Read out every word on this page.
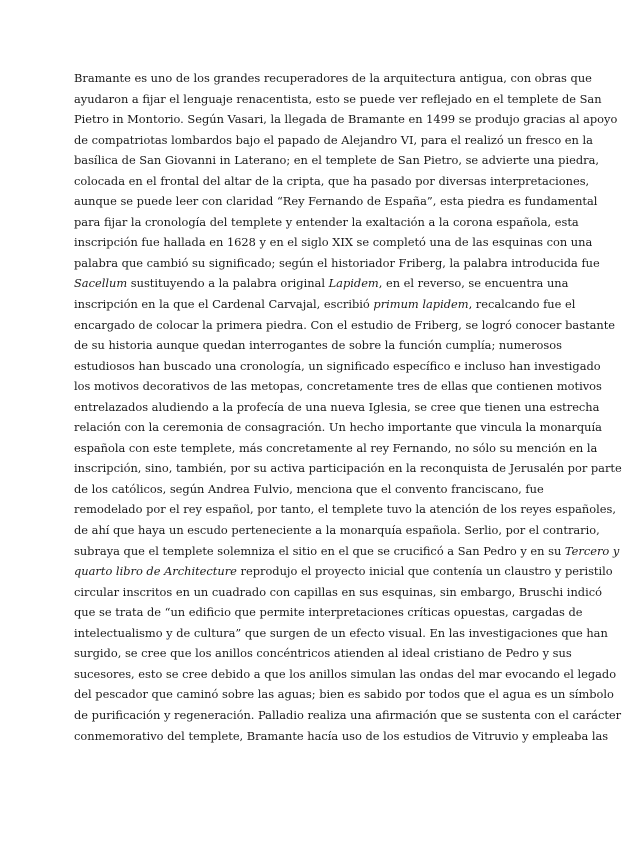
Bramante es uno de los grandes recuperadores de la arquitectura antigua, con obras que
ayudaron a fijar el lenguaje renacentista, esto se puede ver reflejado en el templete de San
Pietro in Montorio. Según Vasari, la llegada de Bramante en 1499 se produjo gracias al apoyo
de compatriotas lombardos bajo el papado de Alejandro VI, para el realizó un fresco en la
basílica de San Giovanni in Laterano; en el templete de San Pietro, se advierte una piedra,
colocada en el frontal del altar de la cripta, que ha pasado por diversas interpretaciones,
aunque se puede leer con claridad “Rey Fernando de España”, esta piedra es fundamental
para fijar la cronología del templete y entender la exaltación a la corona española, esta
inscripción fue hallada en 1628 y en el siglo XIX se completó una de las esquinas con una
palabra que cambió su significado; según el historiador Friberg, la palabra introducida fue
Sacellum sustituyendo a la palabra original Lapidem, en el reverso, se encuentra una
inscripción en la que el Cardenal Carvajal, escribió primum lapidem, recalcando fue el
encargado de colocar la primera piedra. Con el estudio de Friberg, se logró conocer bastante
de su historia aunque quedan interrogantes de sobre la función cumplía; numerosos
estudiosos han buscado una cronología, un significado específico e incluso han investigado
los motivos decorativos de las metopas, concretamente tres de ellas que contienen motivos
entrelazados aludiendo a la profecía de una nueva Iglesia, se cree que tienen una estrecha
relación con la ceremonia de consagración. Un hecho importante que vincula la monarquía
española con este templete, más concretamente al rey Fernando, no sólo su mención en la
inscripción, sino, también, por su activa participación en la reconquista de Jerusalén por parte
de los católicos, según Andrea Fulvio, menciona que el convento franciscano, fue
remodelado por el rey español, por tanto, el templete tuvo la atención de los reyes españoles,
de ahí que haya un escudo perteneciente a la monarquía española. Serlio, por el contrario,
subraya que el templete solemniza el sitio en el que se crucificó a San Pedro y en su Tercero y
quarto libro de Architecture reprodujo el proyecto inicial que contenía un claustro y peristilo
circular inscritos en un cuadrado con capillas en sus esquinas, sin embargo, Bruschi indicó
que se trata de “un edificio que permite interpretaciones críticas opuestas, cargadas de
intelectualismo y de cultura” que surgen de un efecto visual. En las investigaciones que han
surgido, se cree que los anillos concéntricos atienden al ideal cristiano de Pedro y sus
sucesores, esto se cree debido a que los anillos simulan las ondas del mar evocando el legado
del pescador que caminó sobre las aguas; bien es sabido por todos que el agua es un símbolo
de purificación y regeneración. Palladio realiza una afirmación que se sustenta con el carácter
conmemorativo del templete, Bramante hacía uso de los estudios de Vitruvio y empleaba las
